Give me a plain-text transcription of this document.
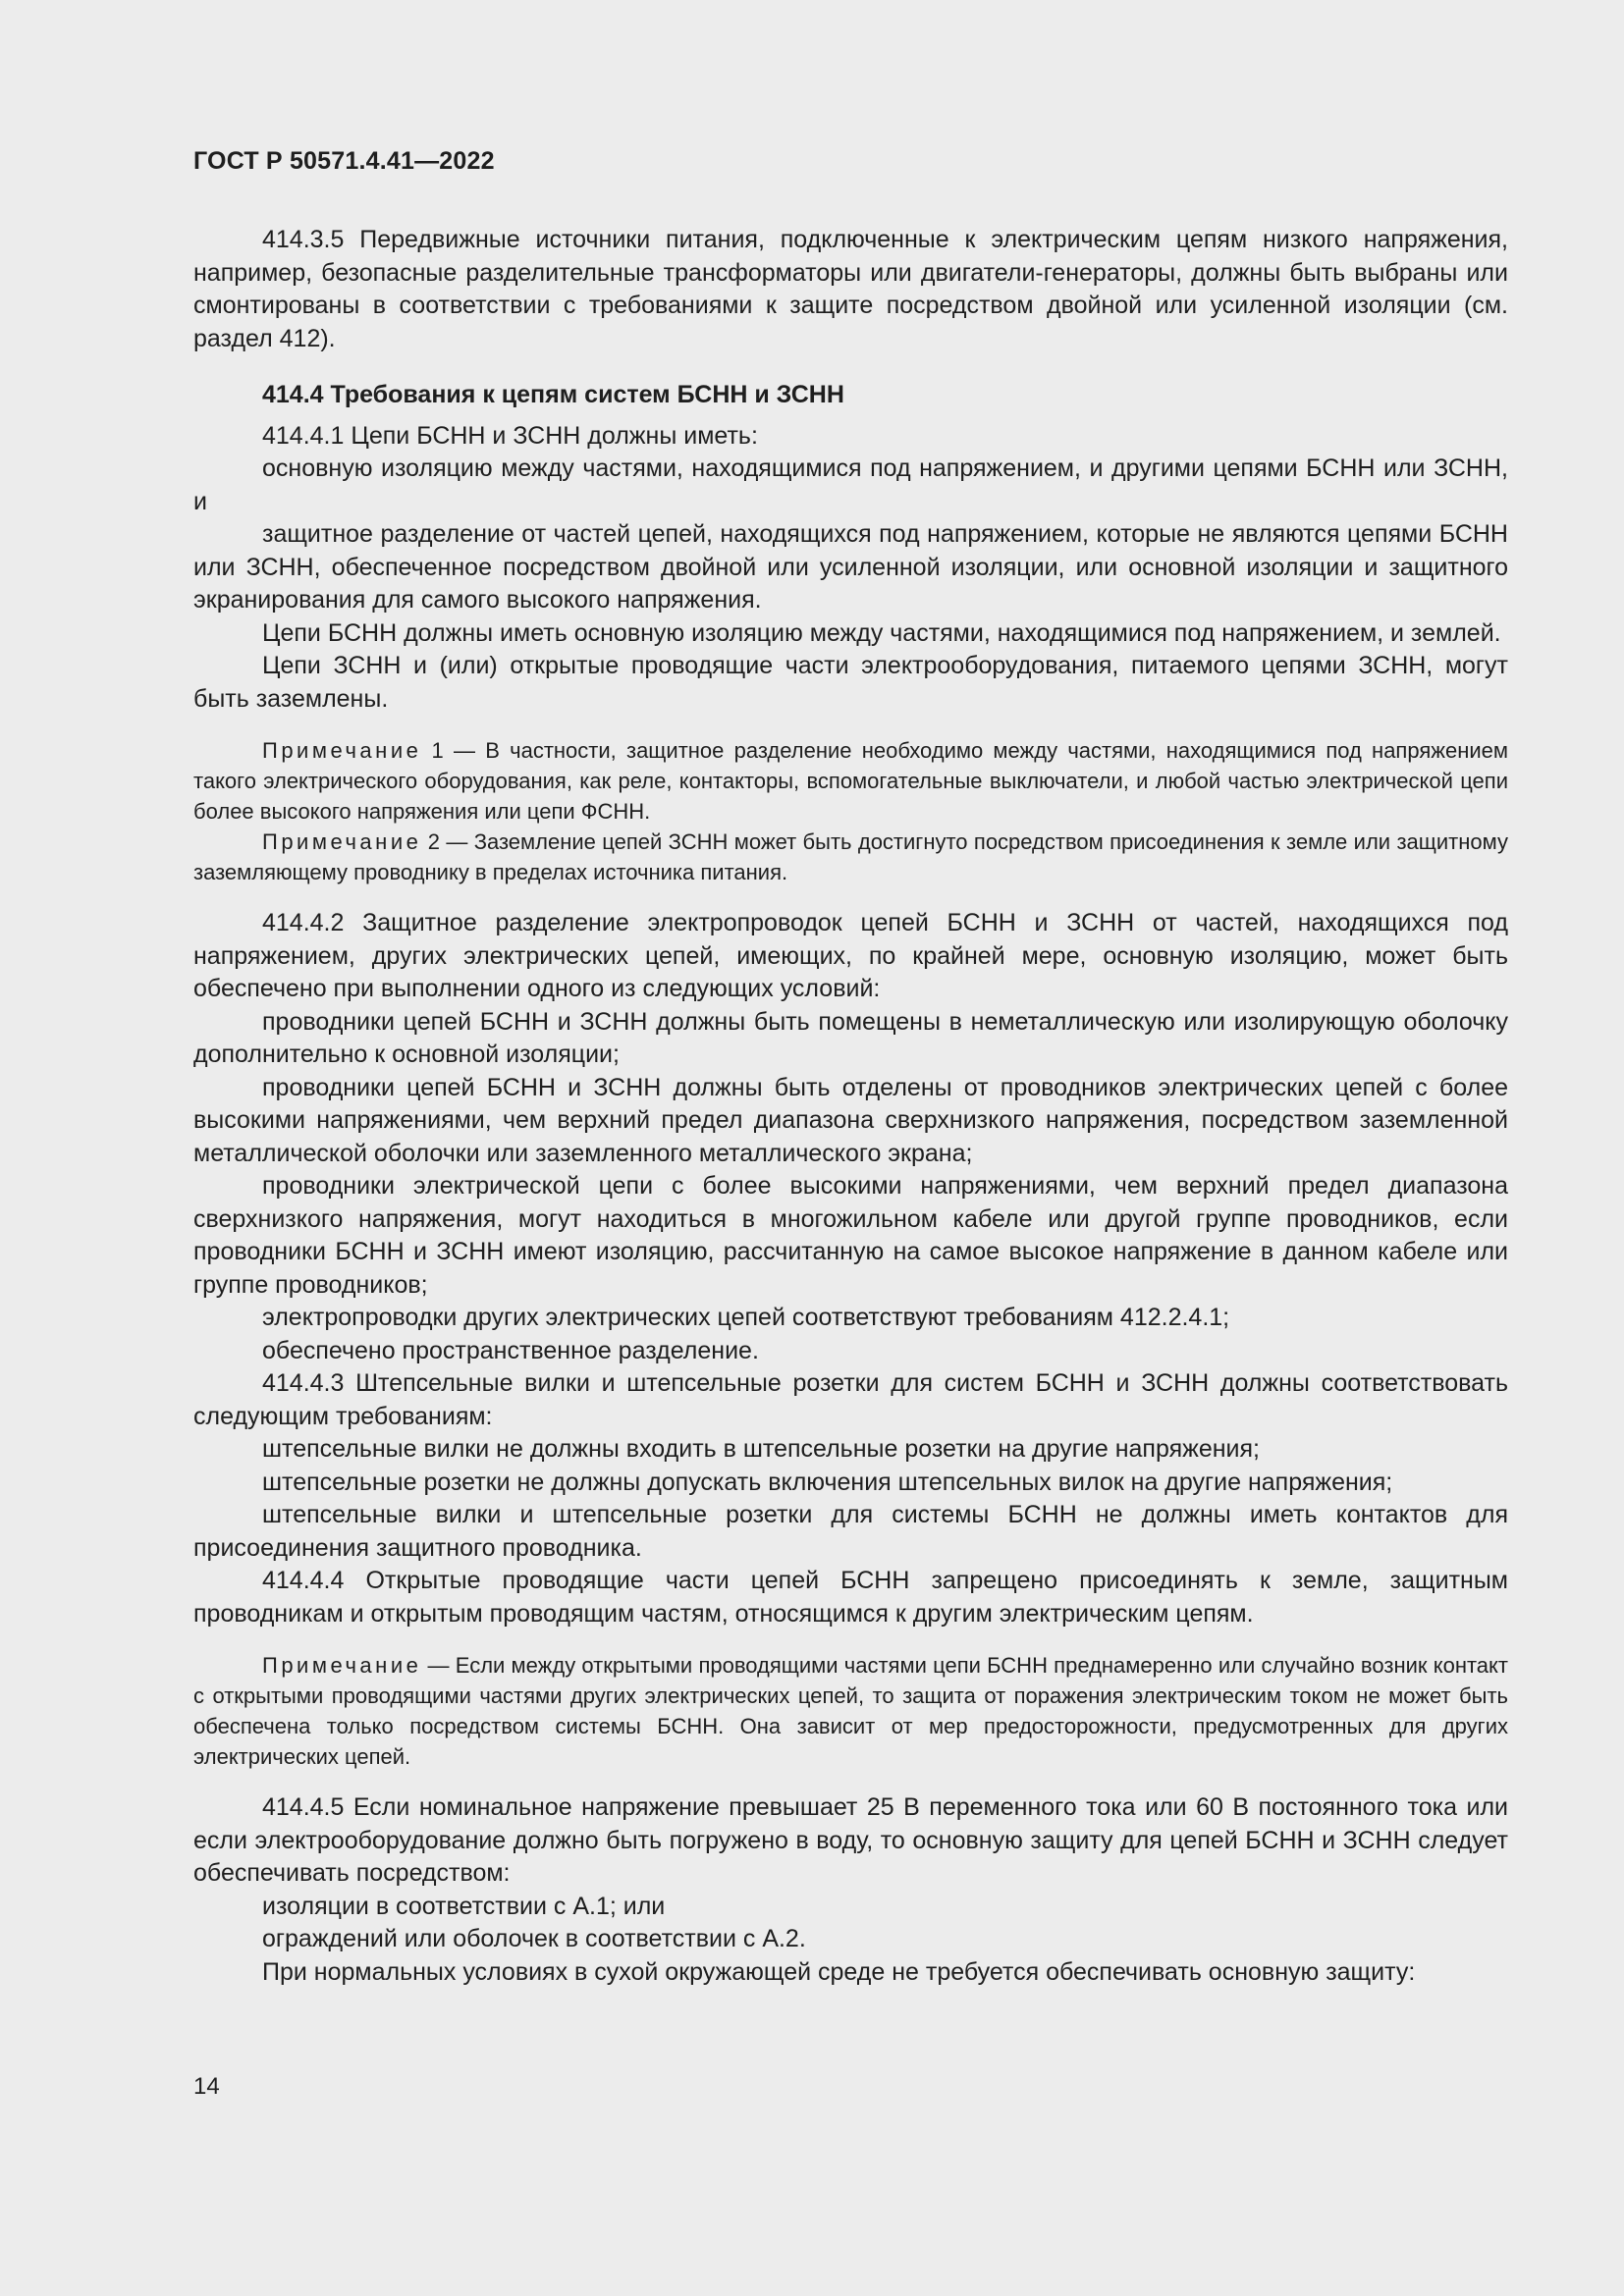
ГОСТ Р 50571.4.41—2022

414.3.5 Передвижные источники питания, подключенные к электрическим цепям низкого напряжения, например, безопасные разделительные трансформаторы или двигатели-генераторы, должны быть выбраны или смонтированы в соответствии с требованиями к защите посредством двойной или усиленной изоляции (см. раздел 412).

414.4 Требования к цепям систем БСНН и ЗСНН

414.4.1 Цепи БСНН и ЗСНН должны иметь:

основную изоляцию между частями, находящимися под напряжением, и другими цепями БСНН или ЗСНН, и

защитное разделение от частей цепей, находящихся под напряжением, которые не являются цепями БСНН или ЗСНН, обеспеченное посредством двойной или усиленной изоляции, или основной изоляции и защитного экранирования для самого высокого напряжения.

Цепи БСНН должны иметь основную изоляцию между частями, находящимися под напряжением, и землей.

Цепи ЗСНН и (или) открытые проводящие части электрооборудования, питаемого цепями ЗСНН, могут быть заземлены.

Примечание 1 — В частности, защитное разделение необходимо между частями, находящимися под напряжением такого электрического оборудования, как реле, контакторы, вспомогательные выключатели, и любой частью электрической цепи более высокого напряжения или цепи ФСНН.

Примечание 2 — Заземление цепей ЗСНН может быть достигнуто посредством присоединения к земле или защитному заземляющему проводнику в пределах источника питания.

414.4.2 Защитное разделение электропроводок цепей БСНН и ЗСНН от частей, находящихся под напряжением, других электрических цепей, имеющих, по крайней мере, основную изоляцию, может быть обеспечено при выполнении одного из следующих условий:

проводники цепей БСНН и ЗСНН должны быть помещены в неметаллическую или изолирующую оболочку дополнительно к основной изоляции;

проводники цепей БСНН и ЗСНН должны быть отделены от проводников электрических цепей с более высокими напряжениями, чем верхний предел диапазона сверхнизкого напряжения, посредством заземленной металлической оболочки или заземленного металлического экрана;

проводники электрической цепи с более высокими напряжениями, чем верхний предел диапазона сверхнизкого напряжения, могут находиться в многожильном кабеле или другой группе проводников, если проводники БСНН и ЗСНН имеют изоляцию, рассчитанную на самое высокое напряжение в данном кабеле или группе проводников;

электропроводки других электрических цепей соответствуют требованиям 412.2.4.1;

обеспечено пространственное разделение.

414.4.3 Штепсельные вилки и штепсельные розетки для систем БСНН и ЗСНН должны соответствовать следующим требованиям:

штепсельные вилки не должны входить в штепсельные розетки на другие напряжения;

штепсельные розетки не должны допускать включения штепсельных вилок на другие напряжения;

штепсельные вилки и штепсельные розетки для системы БСНН не должны иметь контактов для присоединения защитного проводника.

414.4.4 Открытые проводящие части цепей БСНН запрещено присоединять к земле, защитным проводникам и открытым проводящим частям, относящимся к другим электрическим цепям.

Примечание — Если между открытыми проводящими частями цепи БСНН преднамеренно или случайно возник контакт с открытыми проводящими частями других электрических цепей, то защита от поражения электрическим током не может быть обеспечена только посредством системы БСНН. Она зависит от мер предосторожности, предусмотренных для других электрических цепей.

414.4.5 Если номинальное напряжение превышает 25 В переменного тока или 60 В постоянного тока или если электрооборудование должно быть погружено в воду, то основную защиту для цепей БСНН и ЗСНН следует обеспечивать посредством:

изоляции в соответствии с А.1; или

ограждений или оболочек в соответствии с А.2.

При нормальных условиях в сухой окружающей среде не требуется обеспечивать основную защиту:

14
